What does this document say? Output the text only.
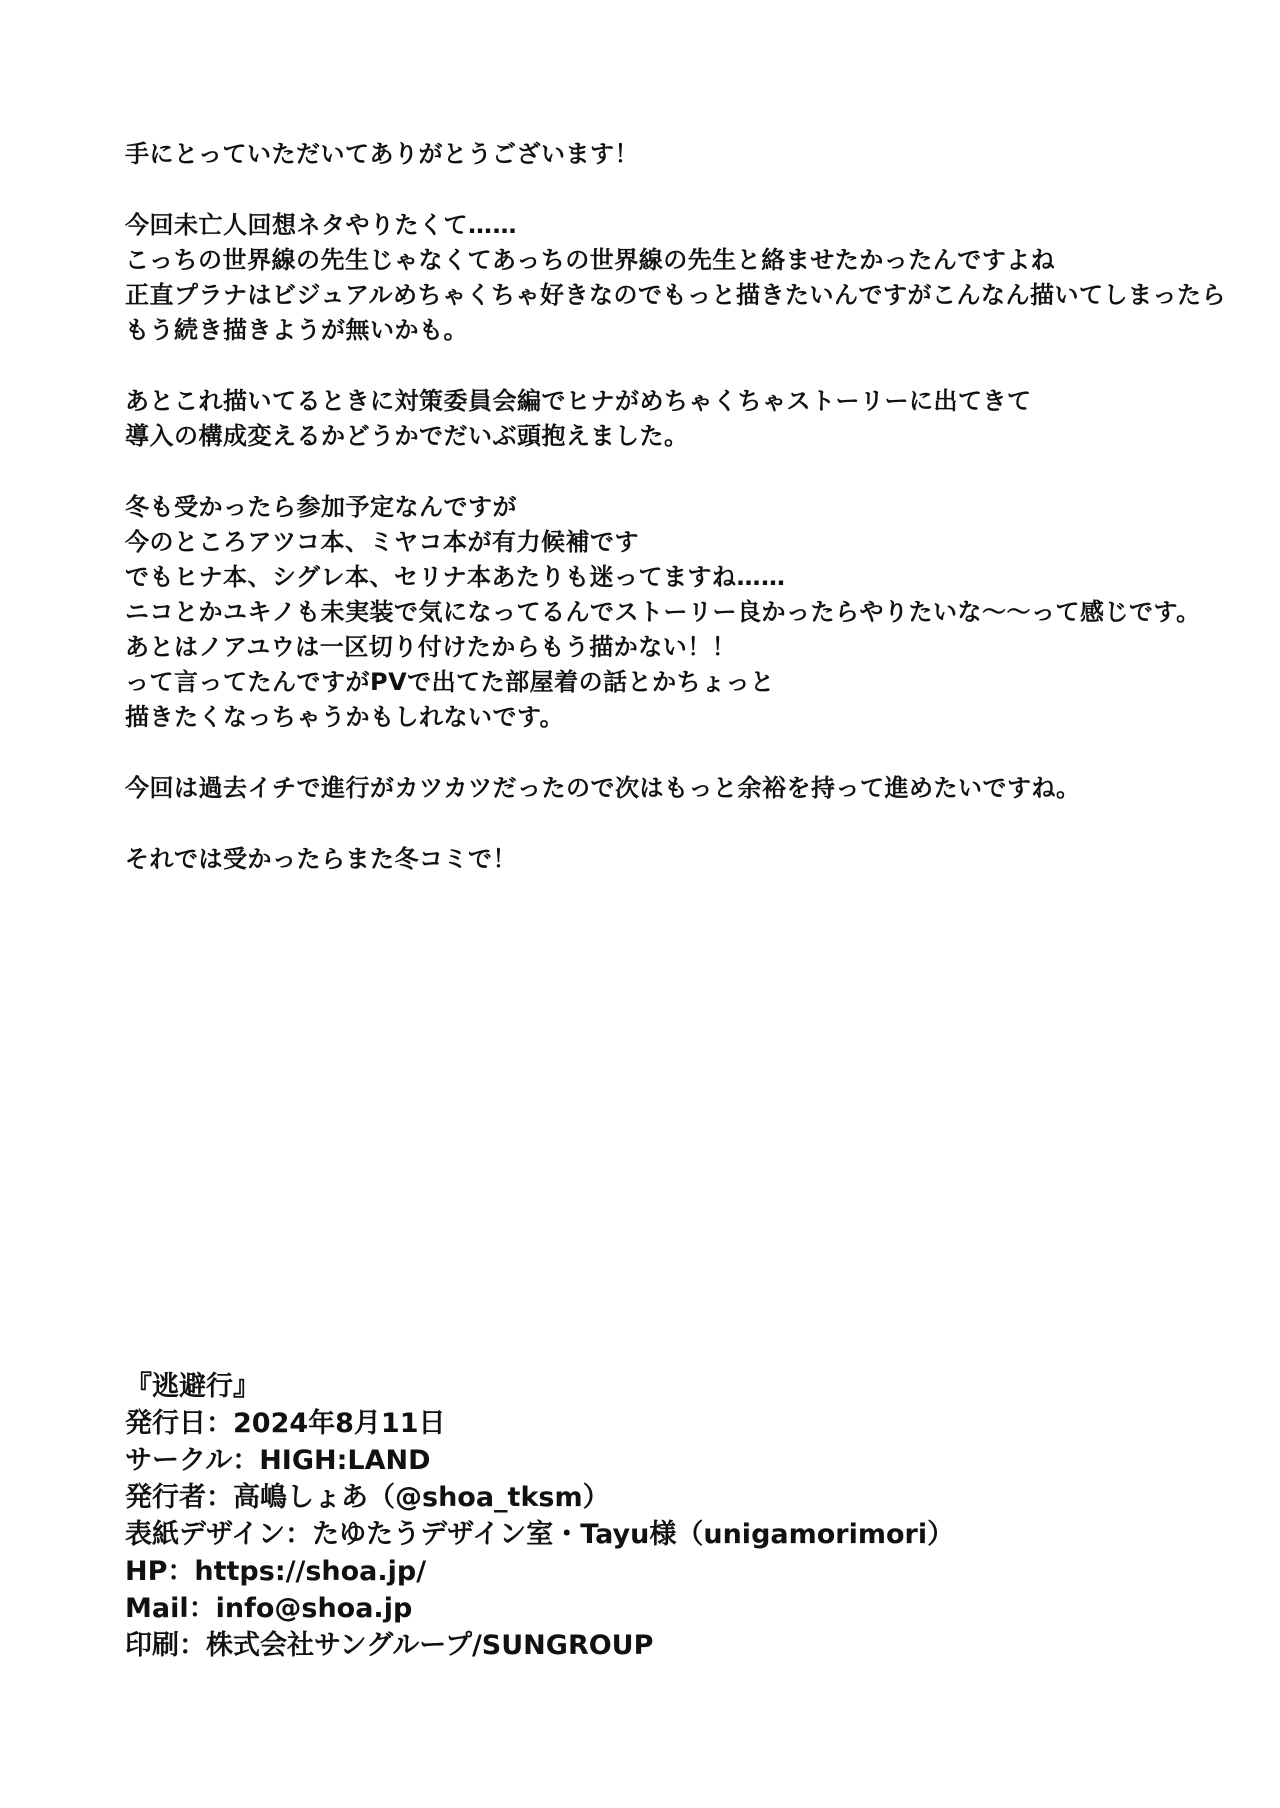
手にとっていただいてありがとうございます！

今回未亡人回想ネタやりたくて……
こっちの世界線の先生じゃなくてあっちの世界線の先生と絡ませたかったんですよね
正直プラナはビジュアルめちゃくちゃ好きなのでもっと描きたいんですがこんなん描いてしまったら
もう続き描きようが無いかも。

あとこれ描いてるときに対策委員会編でヒナがめちゃくちゃストーリーに出てきて
導入の構成変えるかどうかでだいぶ頭抱えました。

冬も受かったら参加予定なんですが
今のところアツコ本、ミヤコ本が有力候補です
でもヒナ本、シグレ本、セリナ本あたりも迷ってますね……
ニコとかユキノも未実装で気になってるんでストーリー良かったらやりたいな〜〜って感じです。
あとはノアユウは一区切り付けたからもう描かない！！
って言ってたんですがPVで出てた部屋着の話とかちょっと
描きたくなっちゃうかもしれないです。

今回は過去イチで進行がカツカツだったので次はもっと余裕を持って進めたいですね。

それでは受かったらまた冬コミで！

『逃避行』
発行日：2024年8月11日
サークル：HIGH:LAND
発行者：高嶋しょあ（@shoa_tksm）
表紙デザイン：たゆたうデザイン室・Tayu様（unigamorimori）
HP：https://shoa.jp/
Mail：info@shoa.jp
印刷：株式会社サングループ/SUNGROUP
